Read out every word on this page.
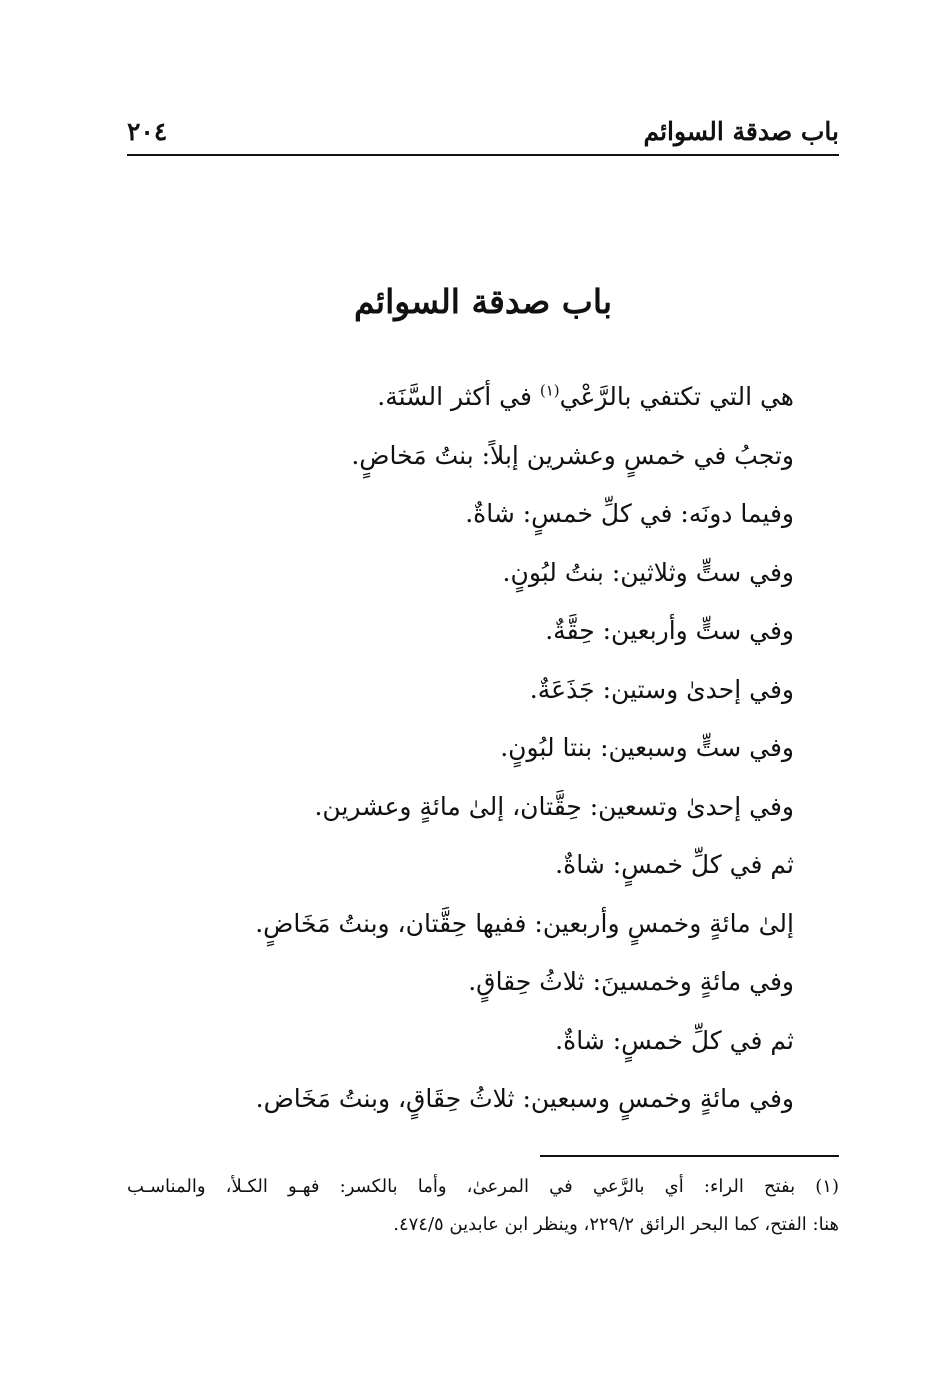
باب صدقة السوائم
٢٠٤
باب صدقة السوائم
هي التي تكتفي بالرَّعْي$^{(١)}$ في أكثر السَّنَة.
وتجبُ في خمسٍ وعشرين إبلاً: بنتُ مَخاضٍ.
وفيما دونَه: في كلِّ خمسٍ: شاةٌ.
وفي ستٍّ وثلاثين: بنتُ لبُونٍ.
وفي ستٍّ وأربعين: حِقَّةٌ.
وفي إحدىٰ وستين: جَذَعَةٌ.
وفي ستٍّ وسبعين: بنتا لبُونٍ.
وفي إحدىٰ وتسعين: حِقَّتان، إلىٰ مائةٍ وعشرين.
ثم في كلِّ خمسٍ: شاةٌ.
إلىٰ مائةٍ وخمسٍ وأربعين: ففيها حِقَّتان، وبنتُ مَخَاضٍ.
وفي مائةٍ وخمسينَ: ثلاثُ حِقاقٍ.
ثم في كلِّ خمسٍ: شاةٌ.
وفي مائةٍ وخمسٍ وسبعين: ثلاثُ حِقَاقٍ، وبنتُ مَخَاض.
(١) بفتح الراء: أي بالرَّعي في المرعىٰ، وأما بالكسر: فهـو الكـلأ، والمناسـب
هنا: الفتح، كما البحر الرائق ٢٢٩/٢، وينظر ابن عابدين ٤٧٤/٥.
